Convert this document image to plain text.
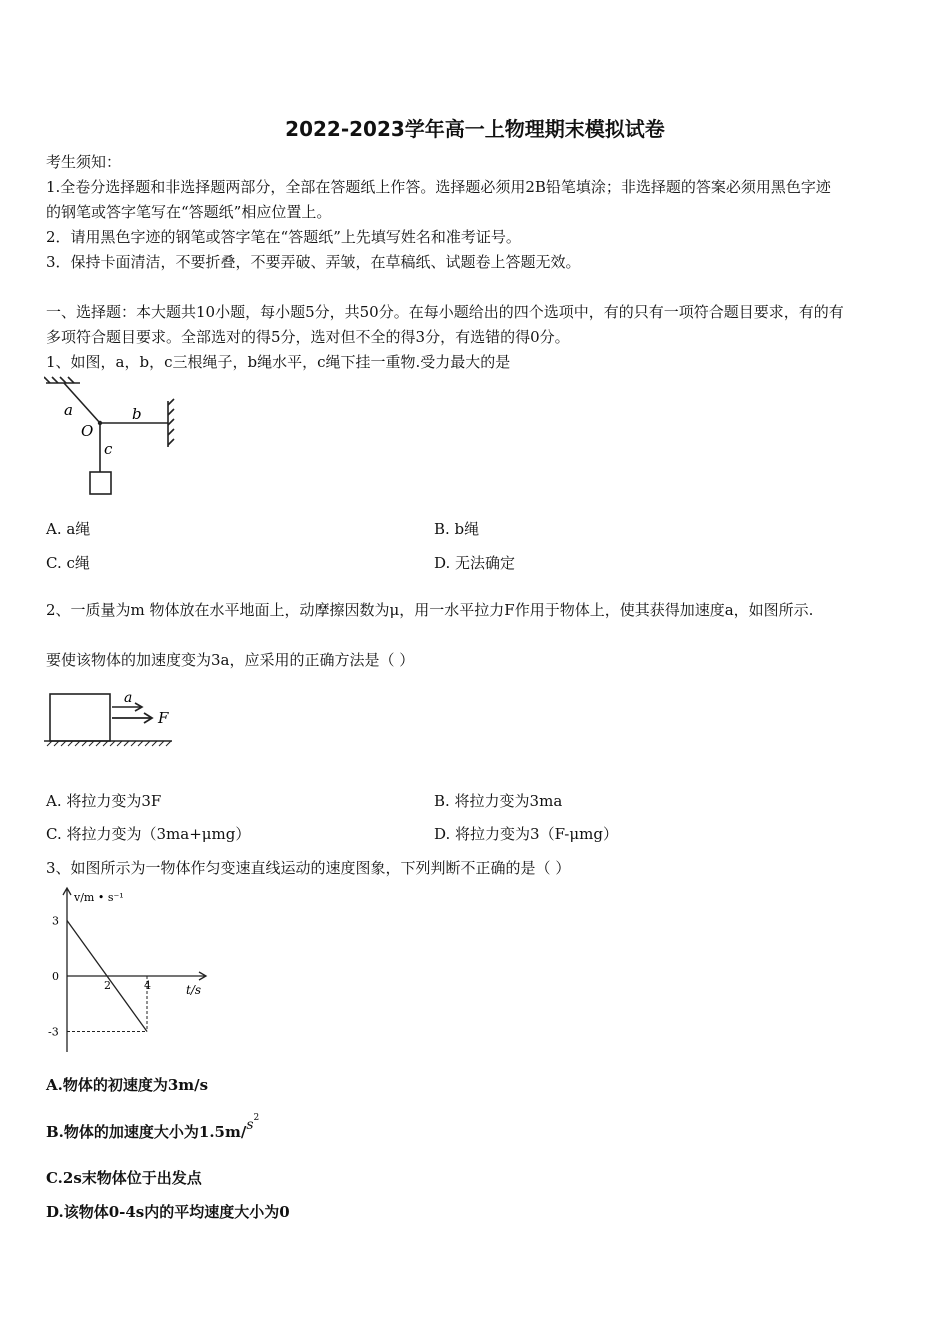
2022-2023学年高一上物理期末模拟试卷
考生须知：
1.全卷分选择题和非选择题两部分，全部在答题纸上作答。选择题必须用2B铅笔填涂；非选择题的答案必须用黑色字迹
的钢笔或答字笔写在“答题纸”相应位置上。
2．请用黑色字迹的钢笔或答字笔在“答题纸”上先填写姓名和准考证号。
3．保持卡面清洁，不要折叠，不要弄破、弄皱，在草稿纸、试题卷上答题无效。
一、选择题：本大题共10小题，每小题5分，共50分。在每小题给出的四个选项中，有的只有一项符合题目要求，有的有
多项符合题目要求。全部选对的得5分，选对但不全的得3分，有选错的得0分。
1、如图，a，b，c三根绳子，b绳水平，c绳下挂一重物.受力最大的是
a	b
O
c
A. a绳	B. b绳
C. c绳	D. 无法确定
2、一质量为m 物体放在水平地面上，动摩擦因数为μ，用一水平拉力F作用于物体上，使其获得加速度a，如图所示.
要使该物体的加速度变为3a，应采用的正确方法是（ ）
a
F
A. 将拉力变为3F	B. 将拉力变为3ma
C. 将拉力变为（3ma+μmg）	D. 将拉力变为3（F-μmg）
3、如图所示为一物体作匀变速直线运动的速度图象，下列判断不正确的是（ ）
2	4
3
0
-3
v/m • s⁻¹
t/s
A.物体的初速度为3m/s
B.物体的加速度大小为$1.5m/s^2$
C.2s末物体位于出发点
D.该物体0-4s内的平均速度大小为0
